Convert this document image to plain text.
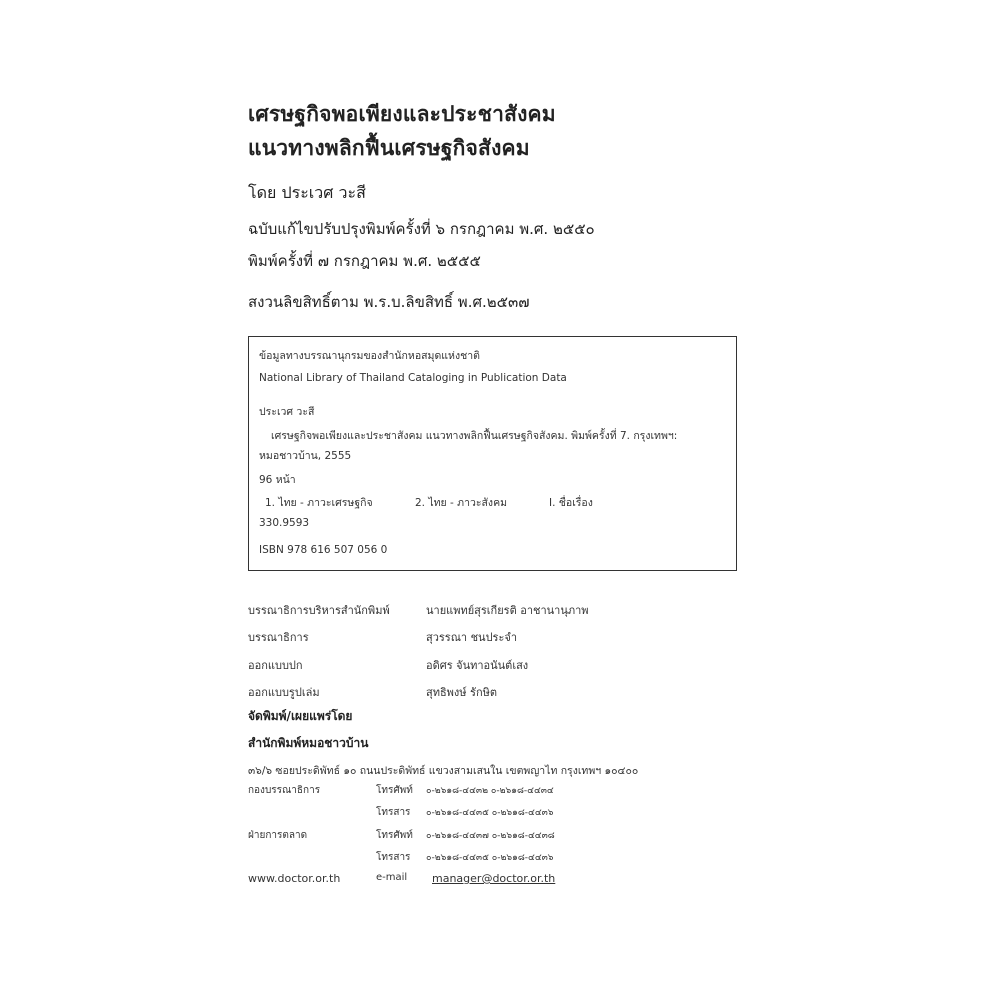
เศรษฐกิจพอเพียงและประชาสังคม
แนวทางพลิกฟื้นเศรษฐกิจสังคม
โดย ประเวศ วะสี
ฉบับแก้ไขปรับปรุงพิมพ์ครั้งที่ ๖ กรกฎาคม พ.ศ. ๒๕๕๐
พิมพ์ครั้งที่ ๗ กรกฎาคม พ.ศ. ๒๕๕๕
สงวนลิขสิทธิ์ตาม พ.ร.บ.ลิขสิทธิ์ พ.ศ.๒๕๓๗
ข้อมูลทางบรรณานุกรมของสำนักหอสมุดแห่งชาติ
National Library of Thailand Cataloging in Publication Data
ประเวศ วะสี
เศรษฐกิจพอเพียงและประชาสังคม แนวทางพลิกฟื้นเศรษฐกิจสังคม. พิมพ์ครั้งที่ 7. กรุงเทพฯ:
หมอชาวบ้าน, 2555
96 หน้า
1. ไทย - ภาวะเศรษฐกิจ	2. ไทย - ภาวะสังคม	I. ชื่อเรื่อง
330.9593
ISBN 978 616 507 056 0
บรรณาธิการบริหารสำนักพิมพ์	นายแพทย์สุรเกียรติ อาชานานุภาพ
บรรณาธิการ	สุวรรณา ชนประจำ
ออกแบบปก	อดิศร จันทาอนันต์เสง
ออกแบบรูปเล่ม	สุทธิพงษ์ รักษิต
จัดพิมพ์/เผยแพร่โดย
สำนักพิมพ์หมอชาวบ้าน
๓๖/๖ ซอยประดิพัทธ์ ๑๐ ถนนประดิพัทธ์ แขวงสามเสนใน เขตพญาไท กรุงเทพฯ ๑๐๔๐๐
กองบรรณาธิการ	โทรศัพท์ ๐-๒๖๑๘-๔๔๓๒ ๐-๒๖๑๘-๔๔๓๔
โทรสาร ๐-๒๖๑๘-๔๔๓๕ ๐-๒๖๑๘-๔๔๓๖
ฝ่ายการตลาด	โทรศัพท์ ๐-๒๖๑๘-๔๔๓๗ ๐-๒๖๑๘-๔๔๓๘
โทรสาร ๐-๒๖๑๘-๔๔๓๕ ๐-๒๖๑๘-๔๔๓๖
www.doctor.or.th	e-mail manager@doctor.or.th
